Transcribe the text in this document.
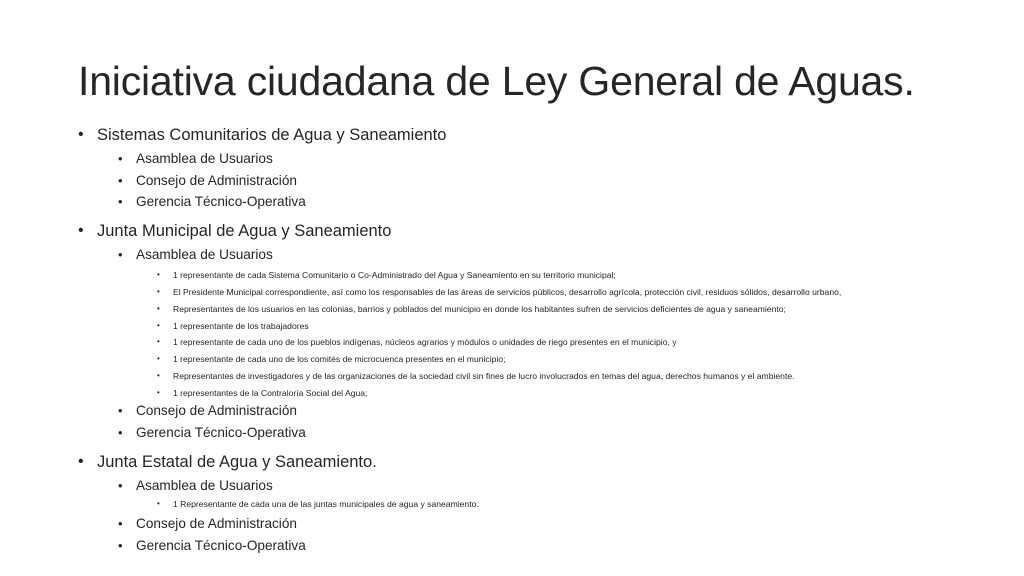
Iniciativa ciudadana de Ley General de Aguas.
• Sistemas Comunitarios de Agua y Saneamiento
• Asamblea de Usuarios
• Consejo de Administración
• Gerencia Técnico-Operativa
• Junta Municipal de Agua y Saneamiento
• Asamblea de Usuarios
• 1 representante de cada Sistema Comunitario o Co-Administrado del Agua y Saneamiento en su territorio municipal;
• El Presidente Municipal correspondiente, así como los responsables de las áreas de servicios públicos, desarrollo agrícola, protección civil, residuos sólidos, desarrollo urbano,
• Representantes de los usuarios en las colonias, barrios y poblados del municipio en donde los habitantes sufren de servicios deficientes de agua y saneamiento;
• 1 representante de los trabajadores
• 1 representante de cada uno de los pueblos indígenas, núcleos agrarios y módulos o unidades de riego presentes en el municipio, y
• 1 representante de cada uno de los comités de microcuenca presentes en el municipio;
• Representantes de investigadores y de las organizaciones de la sociedad civil sin fines de lucro involucrados en temas del agua, derechos humanos y el ambiente.
• 1 representantes de la Contraloría Social del Agua;
• Consejo de Administración
• Gerencia Técnico-Operativa
• Junta Estatal de Agua y Saneamiento.
• Asamblea de Usuarios
• 1 Representante de cada una de las juntas municipales de agua y saneamiento.
• Consejo de Administración
• Gerencia Técnico-Operativa
